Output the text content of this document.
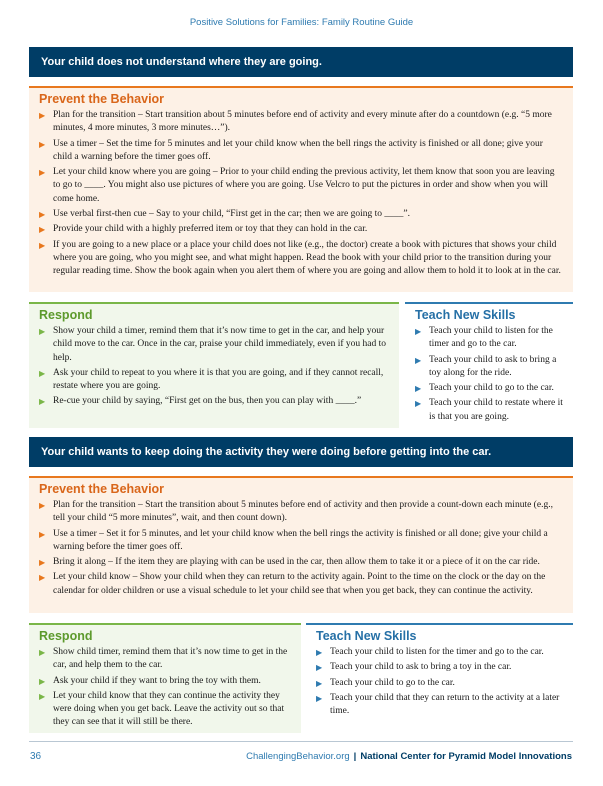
Positive Solutions for Families: Family Routine Guide
Your child does not understand where they are going.
Prevent the Behavior
▶ Plan for the transition – Start transition about 5 minutes before end of activity and every minute after do a countdown (e.g. “5 more minutes, 4 more minutes, 3 more minutes…”).
▶ Use a timer – Set the time for 5 minutes and let your child know when the bell rings the activity is finished or all done; give your child a warning before the timer goes off.
▶ Let your child know where you are going – Prior to your child ending the previous activity, let them know that soon you are leaving to go to ____. You might also use pictures of where you are going. Use Velcro to put the pictures in order and show when you will come home.
▶ Use verbal first-then cue – Say to your child, “First get in the car; then we are going to ____”.
▶ Provide your child with a highly preferred item or toy that they can hold in the car.
▶ If you are going to a new place or a place your child does not like (e.g., the doctor) create a book with pictures that shows your child where you are going, who you might see, and what might happen. Read the book with your child prior to the transition during your regular reading time. Show the book again when you alert them of where you are going and allow them to hold it to look at in the car.
Respond
▶ Show your child a timer, remind them that it’s now time to get in the car, and help your child move to the car. Once in the car, praise your child immediately, even if you had to help.
▶ Ask your child to repeat to you where it is that you are going, and if they cannot recall, restate where you are going.
▶ Re-cue your child by saying, “First get on the bus, then you can play with ____.”
Teach New Skills
▶ Teach your child to listen for the timer and go to the car.
▶ Teach your child to ask to bring a toy along for the ride.
▶ Teach your child to go to the car.
▶ Teach your child to restate where it is that you are going.
Your child wants to keep doing the activity they were doing before getting into the car.
Prevent the Behavior
▶ Plan for the transition – Start the transition about 5 minutes before end of activity and then provide a count-down each minute (e.g., tell your child “5 more minutes”, wait, and then count down).
▶ Use a timer – Set it for 5 minutes, and let your child know when the bell rings the activity is finished or all done; give your child a warning before the timer goes off.
▶ Bring it along – If the item they are playing with can be used in the car, then allow them to take it or a piece of it on the car ride.
▶ Let your child know – Show your child when they can return to the activity again. Point to the time on the clock or the day on the calendar for older children or use a visual schedule to let your child see that when you get back, they can continue the activity.
Respond
▶ Show child timer, remind them that it’s now time to get in the car, and help them to the car.
▶ Ask your child if they want to bring the toy with them.
▶ Let your child know that they can continue the activity they were doing when you get back. Leave the activity out so that they can see that it will still be there.
Teach New Skills
▶ Teach your child to listen for the timer and go to the car.
▶ Teach your child to ask to bring a toy in the car.
▶ Teach your child to go to the car.
▶ Teach your child that they can return to the activity at a later time.
36	ChallengingBehavior.org | National Center for Pyramid Model Innovations
